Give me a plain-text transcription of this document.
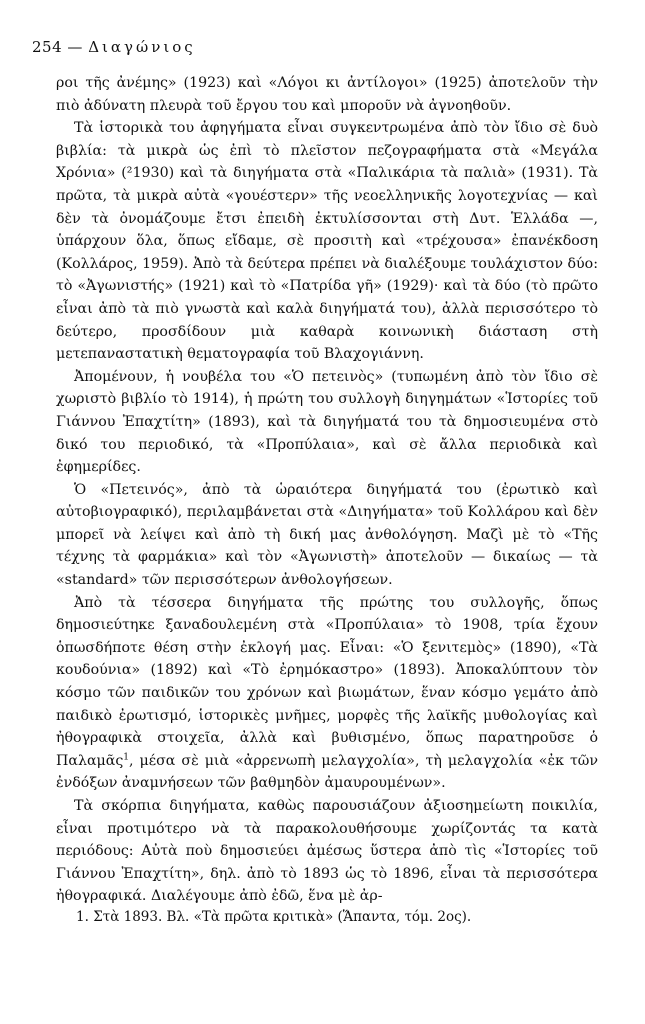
254 — Διαγώνιος

ροι τῆς ἀνέμης» (1923) καὶ «Λόγοι κι ἀντίλογοι» (1925) ἀποτελοῦν τὴν πιὸ ἀδύνατη πλευρὰ τοῦ ἔργου του καὶ μποροῦν νὰ ἀγνοηθοῦν.

Τὰ ἱστορικὰ του ἀφηγήματα εἶναι συγκεντρωμένα ἀπὸ τὸν ἴδιο σὲ δυὸ βιβλία: τὰ μικρὰ ὡς ἐπὶ τὸ πλεῖστον πεζογραφήματα στὰ «Μεγάλα Χρόνια» (²1930) καὶ τὰ διηγήματα στὰ «Παλικάρια τὰ παλιὰ» (1931). Τὰ πρῶτα, τὰ μικρὰ αὐτὰ «γουέστερν» τῆς νεοελληνικῆς λογοτεχνίας — καὶ δὲν τὰ ὀνομάζουμε ἔτσι ἐπειδὴ ἐκτυλίσσονται στὴ Δυτ. Ἑλλάδα —, ὑπάρχουν ὅλα, ὅπως εἴδαμε, σὲ προσιτὴ καὶ «τρέχουσα» ἐπανέκδοση (Κολλάρος, 1959). Ἀπὸ τὰ δεύτερα πρέπει νὰ διαλέξουμε τουλάχιστον δύο: τὸ «Ἀγωνιστής» (1921) καὶ τὸ «Πατρίδα γῆ» (1929)· καὶ τὰ δύο (τὸ πρῶτο εἶναι ἀπὸ τὰ πιὸ γνωστὰ καὶ καλὰ διηγήματά του), ἀλλὰ περισσότερο τὸ δεύτερο, προσδίδουν μιὰ καθαρὰ κοινωνικὴ διάσταση στὴ μετεπαναστατικὴ θεματογραφία τοῦ Βλαχογιάννη.

Ἀπομένουν, ἡ νουβέλα του «Ὁ πετεινὸς» (τυπωμένη ἀπὸ τὸν ἴδιο σὲ χωριστὸ βιβλίο τὸ 1914), ἡ πρώτη του συλλογὴ διηγημάτων «Ἱστορίες τοῦ Γιάννου Ἐπαχτίτη» (1893), καὶ τὰ διηγήματά του τὰ δημοσιευμένα στὸ δικό του περιοδικό, τὰ «Προπύλαια», καὶ σὲ ἄλλα περιοδικὰ καὶ ἐφημερίδες.

Ὁ «Πετεινός», ἀπὸ τὰ ὡραιότερα διηγήματά του (ἐρωτικὸ καὶ αὐτοβιογραφικό), περιλαμβάνεται στὰ «Διηγήματα» τοῦ Κολλάρου καὶ δὲν μπορεῖ νὰ λείψει καὶ ἀπὸ τὴ δική μας ἀνθολόγηση. Μαζὶ μὲ τὸ «Τῆς τέχνης τὰ φαρμάκια» καὶ τὸν «Ἀγωνιστὴ» ἀποτελοῦν — δικαίως — τὰ «standard» τῶν περισσότερων ἀνθολογήσεων.

Ἀπὸ τὰ τέσσερα διηγήματα τῆς πρώτης του συλλογῆς, ὅπως δημοσιεύτηκε ξαναδουλεμένη στὰ «Προπύλαια» τὸ 1908, τρία ἔχουν ὁπωσδήποτε θέση στὴν ἐκλογή μας. Εἶναι: «Ὁ ξενιτεμὸς» (1890), «Τὰ κουδούνια» (1892) καὶ «Τὸ ἐρημόκαστρο» (1893). Ἀποκαλύπτουν τὸν κόσμο τῶν παιδικῶν του χρόνων καὶ βιωμάτων, ἕναν κόσμο γεμάτο ἀπὸ παιδικὸ ἐρωτισμό, ἱστορικὲς μνῆμες, μορφὲς τῆς λαϊκῆς μυθολογίας καὶ ἠθογραφικὰ στοιχεῖα, ἀλλὰ καὶ βυθισμένο, ὅπως παρατηροῦσε ὁ Παλαμᾶς$^1$, μέσα σὲ μιὰ «ἀρρενωπὴ μελαγχολία», τὴ μελαγχολία «ἐκ τῶν ἐνδόξων ἀναμνήσεων τῶν βαθμηδὸν ἀμαυρουμένων».

Τὰ σκόρπια διηγήματα, καθὼς παρουσιάζουν ἀξιοσημείωτη ποικιλία, εἶναι προτιμότερο νὰ τὰ παρακολουθήσουμε χωρίζοντάς τα κατὰ περιόδους: Αὐτὰ ποὺ δημοσιεύει ἀμέσως ὕστερα ἀπὸ τὶς «Ἱστορίες τοῦ Γιάννου Ἐπαχτίτη», δηλ. ἀπὸ τὸ 1893 ὡς τὸ 1896, εἶναι τὰ περισσότερα ἠθογραφικά. Διαλέγουμε ἀπὸ ἐδῶ, ἕνα μὲ ἀρ-

1. Στὰ 1893. Βλ. «Τὰ πρῶτα κριτικὰ» (Ἅπαντα, τόμ. 2ος).
